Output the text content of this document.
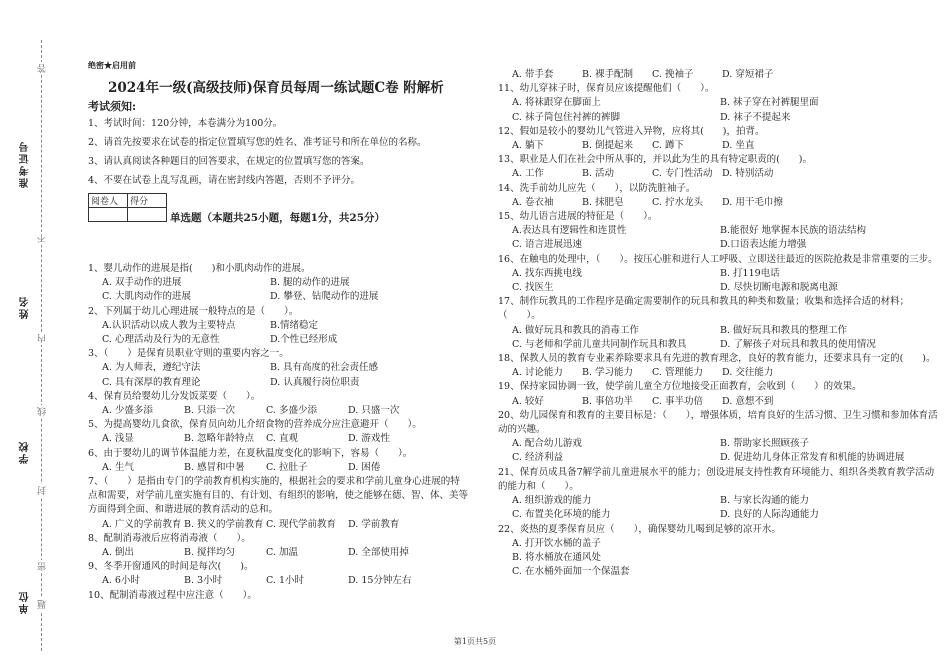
准考证号
姓名
学校
单位
答
不
内
线
封
密
题
绝密★启用前
2024年一级(高级技师)保育员每周一练试题C卷 附解析
考试须知:
1、考试时间：120分钟，本卷满分为100分。
2、请首先按要求在试卷的指定位置填写您的姓名、准考证号和所在单位的名称。
3、请认真阅读各种题目的回答要求，在规定的位置填写您的答案。
4、不要在试卷上乱写乱画，请在密封线内答题，否则不予评分。
阅卷人	得分

单选题（本题共25小题，每题1分，共25分）
1、婴儿动作的进展是指(　　)和小肌肉动作的进展。
A. 双手动作的进展	B. 腿的动作的进展
C. 大肌肉动作的进展	D. 攀登、钻爬动作的进展
2、下列属于幼儿心理进展一般特点的是（　　）。
A.认识活动以成人教为主要特点	B.情绪稳定
C. 心理活动及行为的无意性	D.个性已经形成
3、（　　）是保育员职业守则的重要内容之一。
A. 为人师表，遵纪守法	B. 具有高度的社会责任感
C. 具有深厚的教育理论	D. 认真履行岗位职责
4、保育员给婴幼儿分发饭菜要（　　）。
A. 少盛多添	B. 只添一次	C. 多盛少添	D. 只盛一次
5、为提高婴幼儿食欲，保育员向幼儿介绍食物的营养成分应注意避开（　　）。
A. 浅显	B. 忽略年龄特点	C. 直观	D. 游戏性
6、由于婴幼儿的调节体温能力差，在夏秋温度变化的影响下，容易（　　）。
A. 生气	B. 感冒和中暑	C. 拉肚子	D. 困倦
7、（　　）是指由专门的学前教育机构实施的，根据社会的要求和学前儿童身心进展的特点和需要，对学前儿童实施有目的、有计划、有组织的影响，使之能够在德、智、体、美等方面得到全面、和谐进展的教育活动的总和。
A. 广义的学前教育 B. 狭义的学前教育 C. 现代学前教育	D. 学前教育
8、配制消毒液后应将消毒液（　　）。
A. 倒出	B. 搅拌均匀	C. 加温	D. 全部使用掉
9、冬季开窗通风的时间是每次(　　)。
A. 6小时	B. 3小时	C. 1小时	D. 15分钟左右
10、配制消毒液过程中应注意（　　）。
A. 带手套	B. 裸手配制	C. 挽袖子	D. 穿短裙子
11、幼儿穿袜子时，保育员应该提醒他们（　　）。
A. 将袜跟穿在脚面上	B. 袜子穿在衬裤腿里面
C. 袜子筒包住衬裤的裤脚	D. 袜子不提起来
12、假如是较小的婴幼儿气管进入异物，应将其(　　)，拍背。
A. 躺下	B. 倒提起来	C. 蹲下	D. 坐直
13、职业是人们在社会中所从事的，并以此为生的具有特定职责的(　　)。
A. 工作	B. 活动	C. 专门性活动	D. 特别活动
14、洗手前幼儿应先（　　），以防洗脏袖子。
A. 卷衣袖	B. 抹肥皂	C. 拧水龙头	D. 用干毛巾擦
15、幼儿语言进展的特征是（　　）。
A.表达具有逻辑性和连贯性	B.能很好 地掌握本民族的语法结构
C. 语言进展迅速	D.口语表达能力增强
16、在触电的处理中，（　　）。按压心脏和进行人工呼吸、立即送往最近的医院抢救是非常重要的三步。
A. 找东西挑电线	B. 打119电话
C. 找医生	D. 尽快切断电源和脱离电源
17、制作玩教具的工作程序是确定需要制作的玩具和教具的种类和数量；收集和选择合适的材料；（　　）。
A. 做好玩具和教具的消毒工作	B. 做好玩具和教具的整理工作
C. 与老师和学前儿童共同制作玩具和教具	D. 了解孩子对玩具和教具的使用情况
18、保教人员的教育专业素养除要求具有先进的教育理念，良好的教育能力，还要求具有一定的(　　)。
A. 讨论能力	B. 学习能力	C. 管理能力	D. 交往能力
19、保持家园协调一致，使学前儿童全方位地接受正面教育，会收到（　　）的效果。
A. 较好	B. 事倍功半	C. 事半功倍	D. 意想不到
20、幼儿园保育和教育的主要目标是：（　　），增强体质，培育良好的生活习惯、卫生习惯和参加体育活动的兴趣。
A. 配合幼儿游戏	B. 帮助家长照顾孩子
C. 经济利益	D. 促进幼儿身体正常发育和机能的协调进展
21、保育员成具备7解学前儿童进展水平的能力；创设进展支持性教育环境能力、组织各类教育教学活动的能力和（　　）。
A. 组织游戏的能力	B. 与家长沟通的能力
C. 布置美化环境的能力	D. 良好的人际沟通能力
22、炎热的夏季保育员应（　　），确保婴幼儿喝到足够的凉开水。
A. 打开饮水桶的盖子
B. 将水桶放在通风处
C. 在水桶外面加一个保温套
第1页共5页
